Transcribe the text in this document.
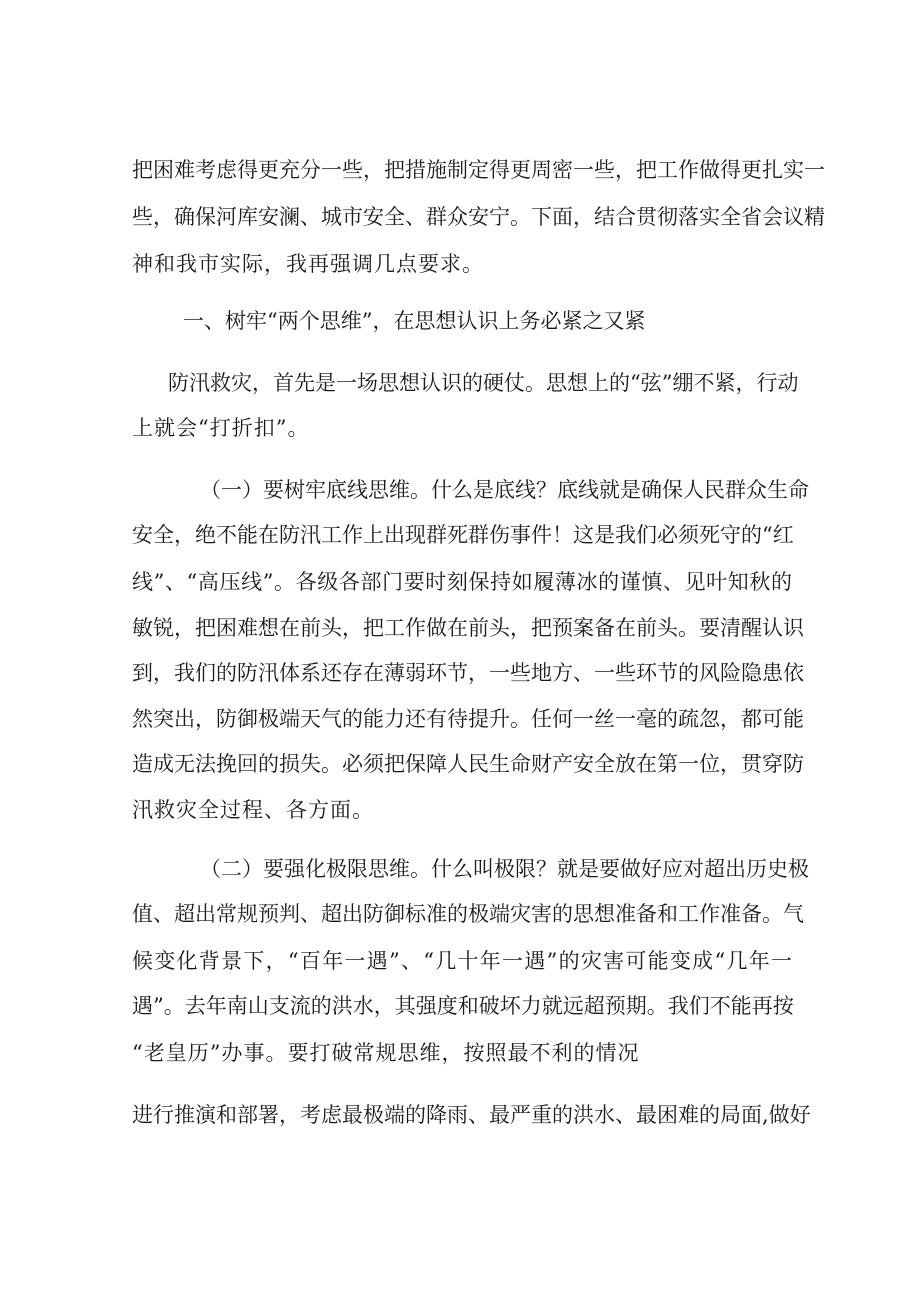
把困难考虑得更充分一些，把措施制定得更周密一些，把工作做得更扎实一

些，确保河库安澜、城市安全、群众安宁。下面，结合贯彻落实全省会议精

神和我市实际，我再强调几点要求。

一、树牢“两个思维”，在思想认识上务必紧之又紧

防汛救灾，首先是一场思想认识的硬仗。思想上的“弦”绷不紧，行动

上就会“打折扣”。

（一）要树牢底线思维。什么是底线？底线就是确保人民群众生命

安全，绝不能在防汛工作上出现群死群伤事件！这是我们必须死守的“红

线”、“高压线”。各级各部门要时刻保持如履薄冰的谨慎、见叶知秋的

敏锐，把困难想在前头，把工作做在前头，把预案备在前头。要清醒认识

到，我们的防汛体系还存在薄弱环节，一些地方、一些环节的风险隐患依

然突出，防御极端天气的能力还有待提升。任何一丝一毫的疏忽，都可能

造成无法挽回的损失。必须把保障人民生命财产安全放在第一位，贯穿防

汛救灾全过程、各方面。

（二）要强化极限思维。什么叫极限？就是要做好应对超出历史极

值、超出常规预判、超出防御标准的极端灾害的思想准备和工作准备。气

候变化背景下，“百年一遇”、“几十年一遇”的灾害可能变成“几年一

遇”。去年南山支流的洪水，其强度和破坏力就远超预期。我们不能再按

“老皇历”办事。要打破常规思维，按照最不利的情况

进行推演和部署，考虑最极端的降雨、最严重的洪水、最困难的局面,做好
